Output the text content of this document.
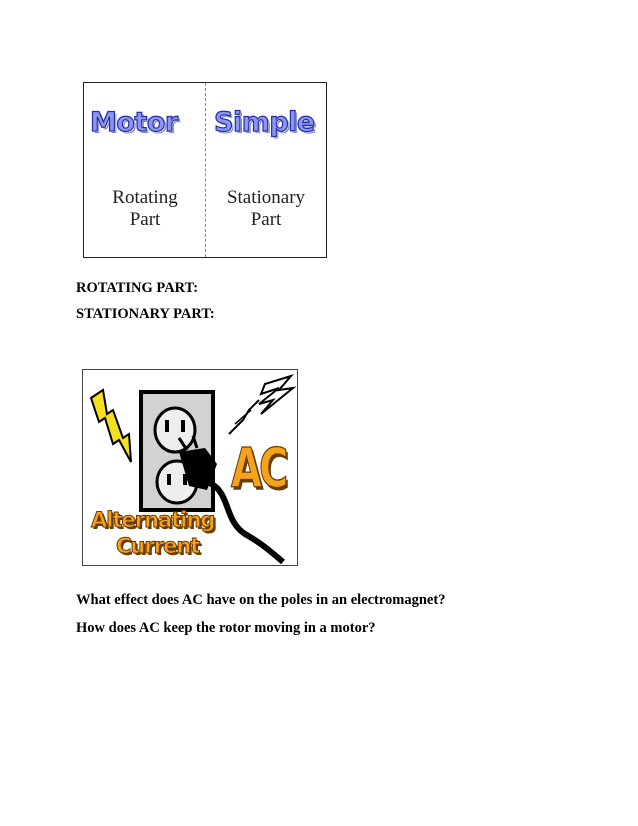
Motor Simple
Rotating
Part
Stationary
Part
ROTATING PART:
STATIONARY PART:
AC
Alternating
Current
What effect does AC have on the poles in an electromagnet?
How does AC keep the rotor moving in a motor?
